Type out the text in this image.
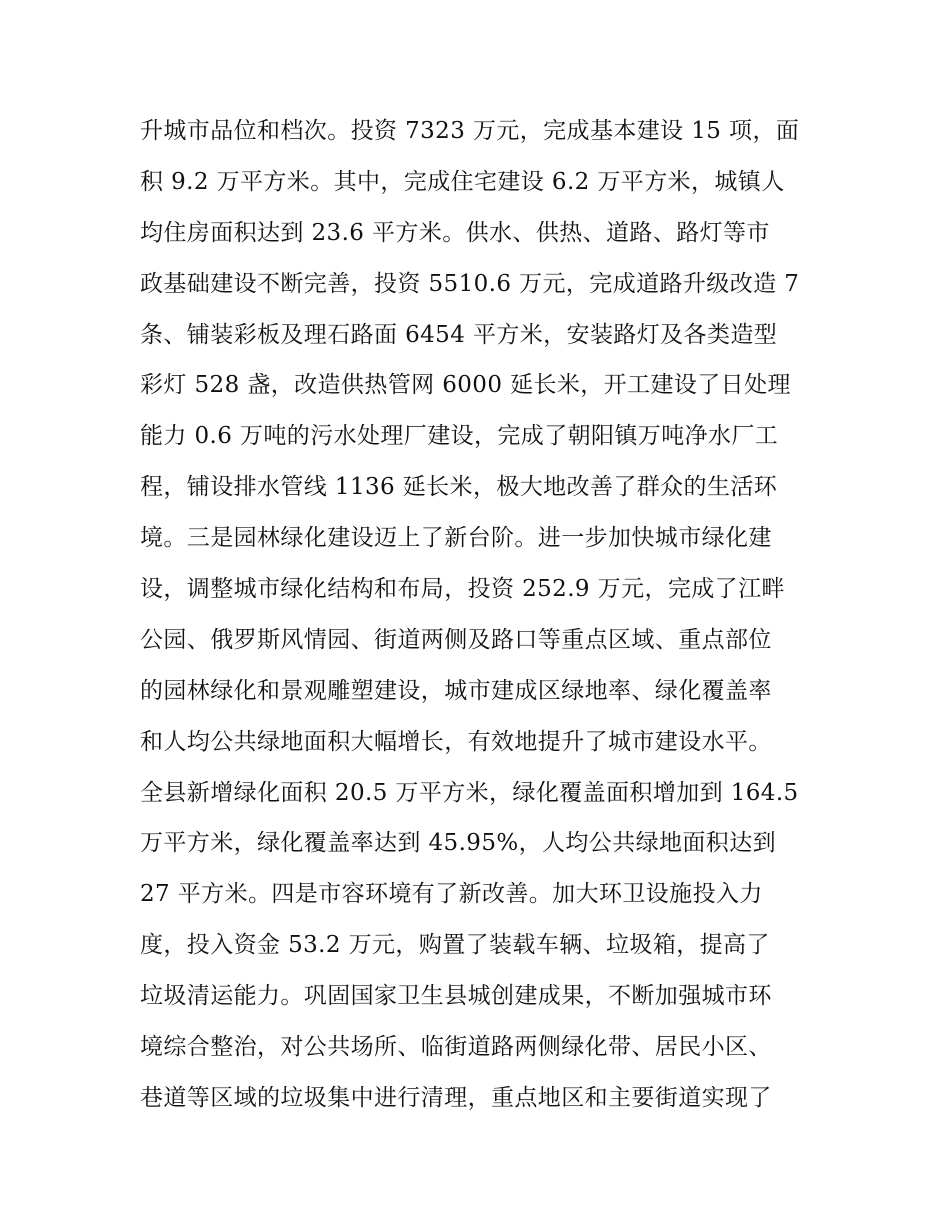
升城市品位和档次。投资 7323 万元，完成基本建设 15 项，面
积 9.2 万平方米。其中，完成住宅建设 6.2 万平方米，城镇人
均住房面积达到 23.6 平方米。供水、供热、道路、路灯等市
政基础建设不断完善，投资 5510.6 万元，完成道路升级改造 7
条、铺装彩板及理石路面 6454 平方米，安装路灯及各类造型
彩灯 528 盏，改造供热管网 6000 延长米，开工建设了日处理
能力 0.6 万吨的污水处理厂建设，完成了朝阳镇万吨净水厂工
程，铺设排水管线 1136 延长米，极大地改善了群众的生活环
境。三是园林绿化建设迈上了新台阶。进一步加快城市绿化建
设，调整城市绿化结构和布局，投资 252.9 万元，完成了江畔
公园、俄罗斯风情园、街道两侧及路口等重点区域、重点部位
的园林绿化和景观雕塑建设，城市建成区绿地率、绿化覆盖率
和人均公共绿地面积大幅增长，有效地提升了城市建设水平。
全县新增绿化面积 20.5 万平方米，绿化覆盖面积增加到 164.5
万平方米，绿化覆盖率达到 45.95%，人均公共绿地面积达到
27 平方米。四是市容环境有了新改善。加大环卫设施投入力
度，投入资金 53.2 万元，购置了装载车辆、垃圾箱，提高了
垃圾清运能力。巩固国家卫生县城创建成果，不断加强城市环
境综合整治，对公共场所、临街道路两侧绿化带、居民小区、
巷道等区域的垃圾集中进行清理，重点地区和主要街道实现了
